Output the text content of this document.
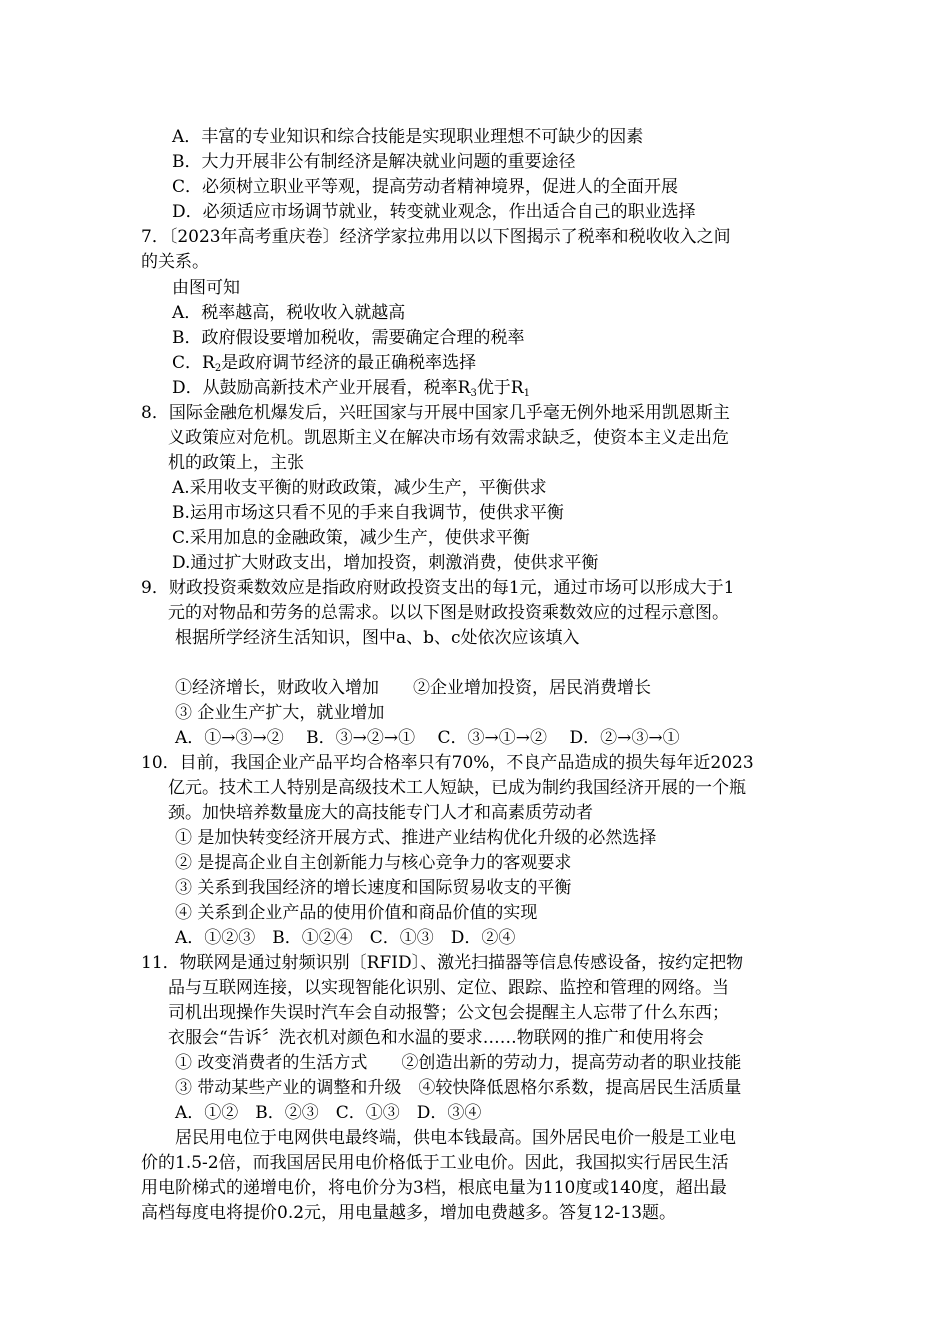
A．丰富的专业知识和综合技能是实现职业理想不可缺少的因素
B．大力开展非公有制经济是解决就业问题的重要途径
C．必须树立职业平等观，提高劳动者精神境界，促进人的全面开展
D．必须适应市场调节就业，转变就业观念，作出适合自己的职业选择
7．〔2023年高考重庆卷〕经济学家拉弗用以以下图揭示了税率和税收收入之间
的关系。
由图可知
A．税率越高，税收收入就越高
B．政府假设要增加税收，需要确定合理的税率
C．$R_2$是政府调节经济的最正确税率选择
D．从鼓励高新技术产业开展看，税率$R_3$优于$R_1$
8．国际金融危机爆发后，兴旺国家与开展中国家几乎毫无例外地采用凯恩斯主
义政策应对危机。凯恩斯主义在解决市场有效需求缺乏，使资本主义走出危
机的政策上，主张
A.采用收支平衡的财政政策，减少生产，平衡供求
B.运用市场这只看不见的手来自我调节，使供求平衡
C.采用加息的金融政策，减少生产，使供求平衡
D.通过扩大财政支出，增加投资，刺激消费，使供求平衡
9．财政投资乘数效应是指政府财政投资支出的每1元，通过市场可以形成大于1
元的对物品和劳务的总需求。以以下图是财政投资乘数效应的过程示意图。
根据所学经济生活知识，图中a、b、c处依次应该填入
①经济增长，财政收入增加　　②企业增加投资，居民消费增长
③ 企业生产扩大，就业增加
A．①→③→②　 B．③→②→①　 C．③→①→②　 D．②→③→①
10．目前，我国企业产品平均合格率只有70%，不良产品造成的损失每年近2023
亿元。技术工人特别是高级技术工人短缺，已成为制约我国经济开展的一个瓶
颈。加快培养数量庞大的高技能专门人才和高素质劳动者
① 是加快转变经济开展方式、推进产业结构优化升级的必然选择
② 是提高企业自主创新能力与核心竞争力的客观要求
③ 关系到我国经济的增长速度和国际贸易收支的平衡
④ 关系到企业产品的使用价值和商品价值的实现
A．①②③　B．①②④　C．①③　D．②④
11．物联网是通过射频识别〔RFID〕、激光扫描器等信息传感设备，按约定把物
品与互联网连接，以实现智能化识别、定位、跟踪、监控和管理的网络。当
司机出现操作失误时汽车会自动报警；公文包会提醒主人忘带了什么东西；
衣服会“告诉〞洗衣机对颜色和水温的要求……物联网的推广和使用将会
① 改变消费者的生活方式　　②创造出新的劳动力，提高劳动者的职业技能
③ 带动某些产业的调整和升级　④较快降低恩格尔系数，提高居民生活质量
A．①②　B．②③　C．①③　D．③④
　　居民用电位于电网供电最终端，供电本钱最高。国外居民电价一般是工业电
价的1.5-2倍，而我国居民用电价格低于工业电价。因此，我国拟实行居民生活
用电阶梯式的递增电价，将电价分为3档，根底电量为110度或140度，超出最
高档每度电将提价0.2元，用电量越多，增加电费越多。答复12-13题。
